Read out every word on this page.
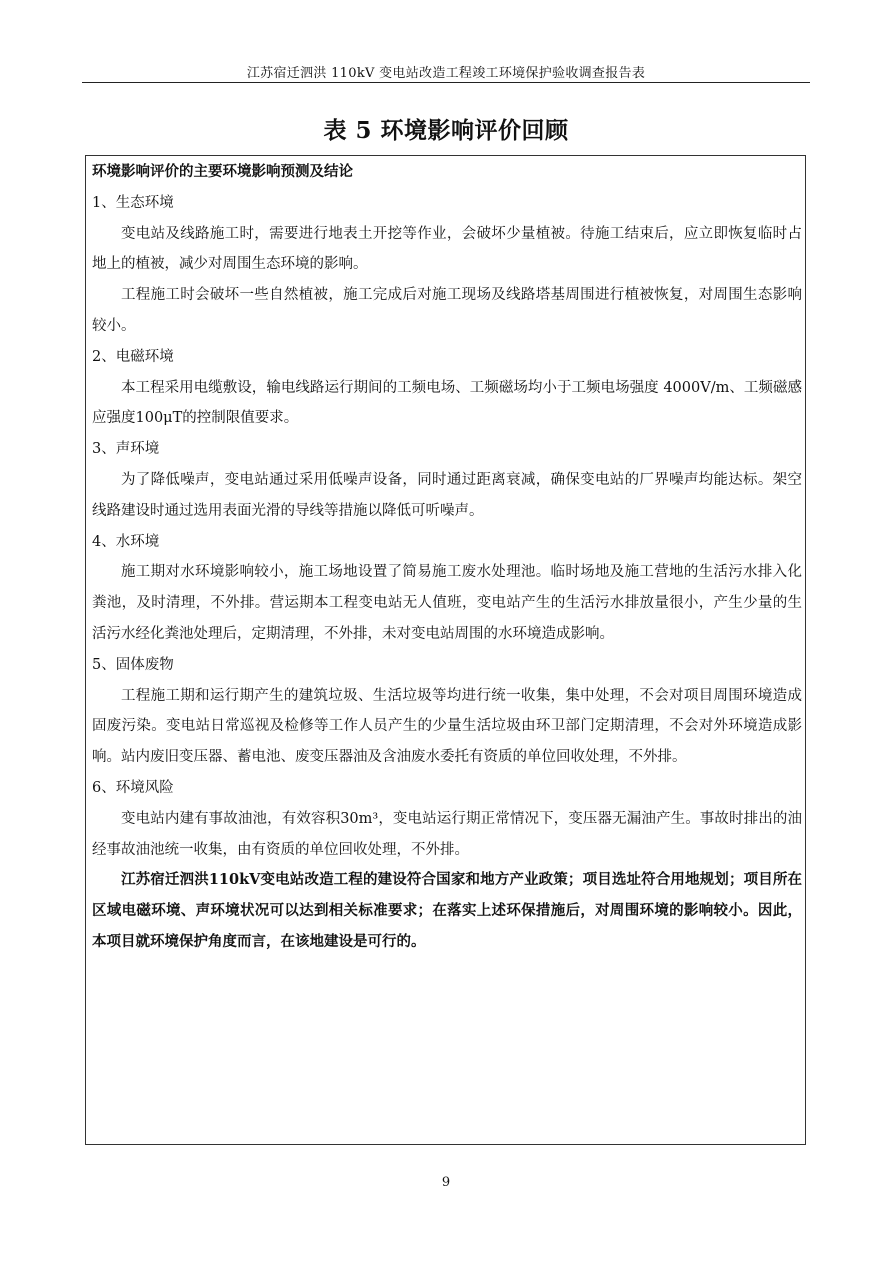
江苏宿迁泗洪 110kV 变电站改造工程竣工环境保护验收调查报告表
表 5 环境影响评价回顾

环境影响评价的主要环境影响预测及结论

1、生态环境

变电站及线路施工时，需要进行地表土开挖等作业，会破坏少量植被。待施工结束后，应立即恢复临时占地上的植被，减少对周围生态环境的影响。

工程施工时会破坏一些自然植被，施工完成后对施工现场及线路塔基周围进行植被恢复，对周围生态影响较小。

2、电磁环境

本工程采用电缆敷设，输电线路运行期间的工频电场、工频磁场均小于工频电场强度 4000V/m、工频磁感应强度100μT的控制限值要求。

3、声环境

为了降低噪声，变电站通过采用低噪声设备，同时通过距离衰减，确保变电站的厂界噪声均能达标。架空线路建设时通过选用表面光滑的导线等措施以降低可听噪声。

4、水环境

施工期对水环境影响较小，施工场地设置了简易施工废水处理池。临时场地及施工营地的生活污水排入化粪池，及时清理，不外排。营运期本工程变电站无人值班，变电站产生的生活污水排放量很小，产生少量的生活污水经化粪池处理后，定期清理，不外排，未对变电站周围的水环境造成影响。

5、固体废物

工程施工期和运行期产生的建筑垃圾、生活垃圾等均进行统一收集，集中处理，不会对项目周围环境造成固废污染。变电站日常巡视及检修等工作人员产生的少量生活垃圾由环卫部门定期清理，不会对外环境造成影响。站内废旧变压器、蓄电池、废变压器油及含油废水委托有资质的单位回收处理，不外排。

6、环境风险

变电站内建有事故油池，有效容积30m³，变电站运行期正常情况下，变压器无漏油产生。事故时排出的油经事故油池统一收集，由有资质的单位回收处理，不外排。

江苏宿迁泗洪110kV变电站改造工程的建设符合国家和地方产业政策；项目选址符合用地规划；项目所在区域电磁环境、声环境状况可以达到相关标准要求；在落实上述环保措施后，对周围环境的影响较小。因此，本项目就环境保护角度而言，在该地建设是可行的。

9
